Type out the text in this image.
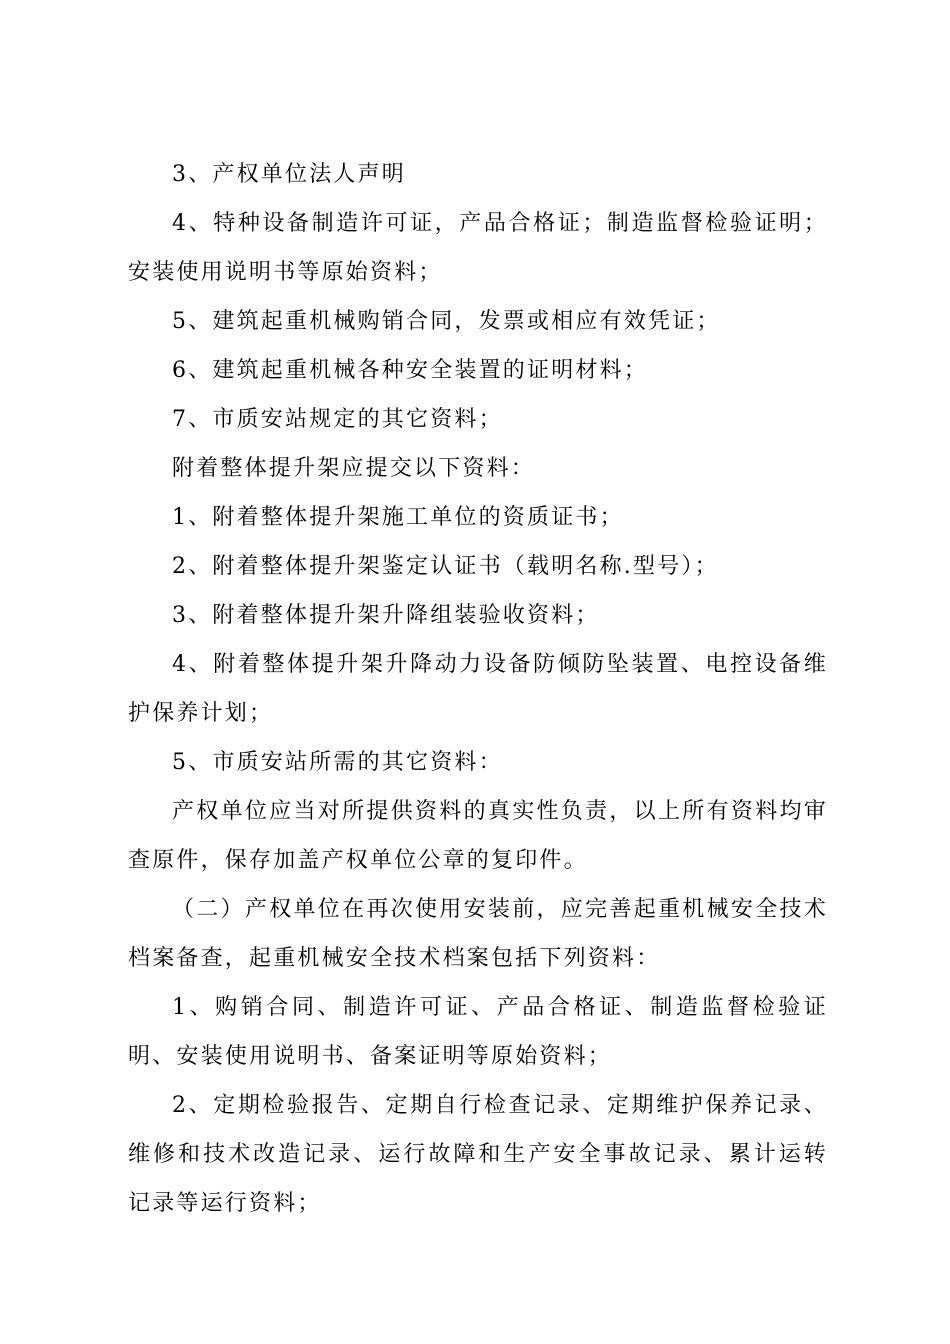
3、产权单位法人声明

4、特种设备制造许可证，产品合格证；制造监督检验证明；安装使用说明书等原始资料；

5、建筑起重机械购销合同，发票或相应有效凭证；

6、建筑起重机械各种安全装置的证明材料；

7、市质安站规定的其它资料；

附着整体提升架应提交以下资料：

1、附着整体提升架施工单位的资质证书；

2、附着整体提升架鉴定认证书（载明名称.型号）；

3、附着整体提升架升降组装验收资料；

4、附着整体提升架升降动力设备防倾防坠装置、电控设备维护保养计划；

5、市质安站所需的其它资料：

产权单位应当对所提供资料的真实性负责，以上所有资料均审查原件，保存加盖产权单位公章的复印件。

（二）产权单位在再次使用安装前，应完善起重机械安全技术档案备查，起重机械安全技术档案包括下列资料：

1、购销合同、制造许可证、产品合格证、制造监督检验证明、安装使用说明书、备案证明等原始资料；

2、定期检验报告、定期自行检查记录、定期维护保养记录、维修和技术改造记录、运行故障和生产安全事故记录、累计运转记录等运行资料；
